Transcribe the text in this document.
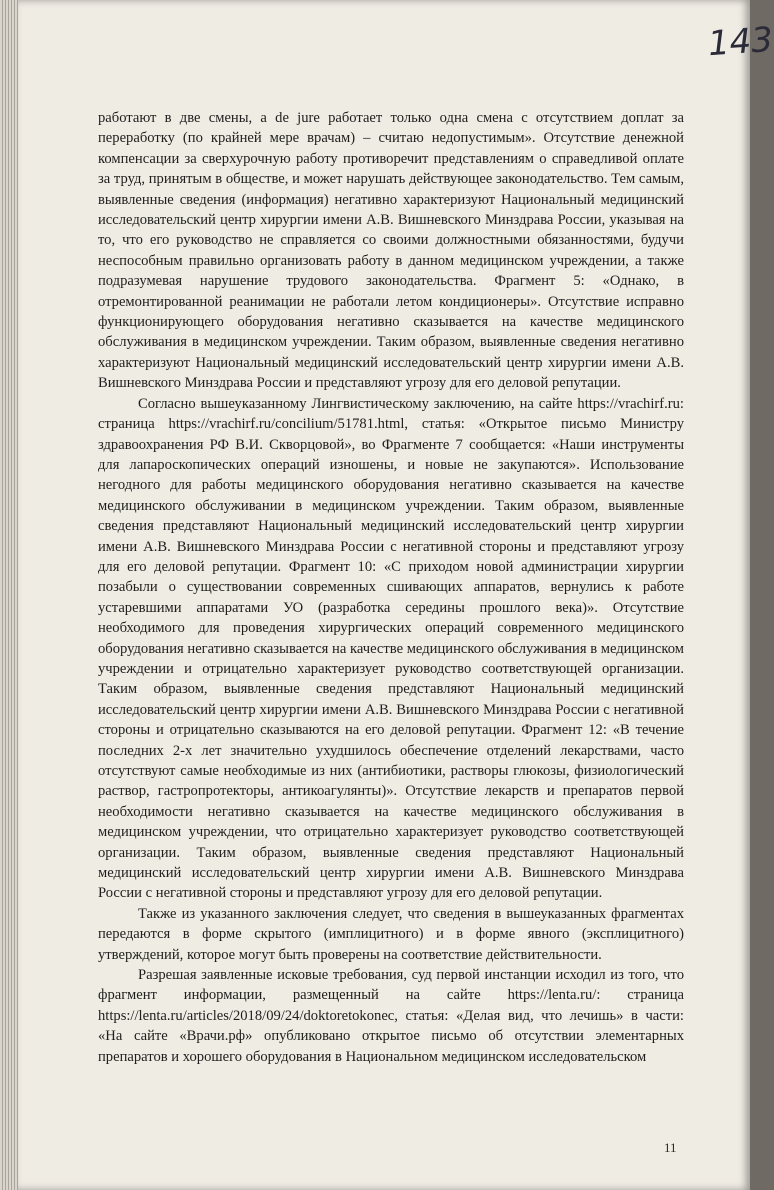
143

работают в две смены, а de jure работает только одна смена с отсутствием доплат за переработку (по крайней мере врачам) – считаю недопустимым». Отсутствие денежной компенсации за сверхурочную работу противоречит представлениям о справедливой оплате за труд, принятым в обществе, и может нарушать действующее законодательство. Тем самым, выявленные сведения (информация) негативно характеризуют Национальный медицинский исследовательский центр хирургии имени А.В. Вишневского Минздрава России, указывая на то, что его руководство не справляется со своими должностными обязанностями, будучи неспособным правильно организовать работу в данном медицинском учреждении, а также подразумевая нарушение трудового законодательства. Фрагмент 5: «Однако, в отремонтированной реанимации не работали летом кондиционеры». Отсутствие исправно функционирующего оборудования негативно сказывается на качестве медицинского обслуживания в медицинском учреждении. Таким образом, выявленные сведения негативно характеризуют Национальный медицинский исследовательский центр хирургии имени А.В. Вишневского Минздрава России и представляют угрозу для его деловой репутации.

Согласно вышеуказанному Лингвистическому заключению, на сайте https://vrachirf.ru: страница https://vrachirf.ru/concilium/51781.html, статья: «Открытое письмо Министру здравоохранения РФ В.И. Скворцовой», во Фрагменте 7 сообщается: «Наши инструменты для лапароскопических операций изношены, и новые не закупаются». Использование негодного для работы медицинского оборудования негативно сказывается на качестве медицинского обслуживании в медицинском учреждении. Таким образом, выявленные сведения представляют Национальный медицинский исследовательский центр хирургии имени А.В. Вишневского Минздрава России с негативной стороны и представляют угрозу для его деловой репутации. Фрагмент 10: «С приходом новой администрации хирургии позабыли о существовании современных сшивающих аппаратов, вернулись к работе устаревшими аппаратами УО (разработка середины прошлого века)». Отсутствие необходимого для проведения хирургических операций современного медицинского оборудования негативно сказывается на качестве медицинского обслуживания в медицинском учреждении и отрицательно характеризует руководство соответствующей организации. Таким образом, выявленные сведения представляют Национальный медицинский исследовательский центр хирургии имени А.В. Вишневского Минздрава России с негативной стороны и отрицательно сказываются на его деловой репутации. Фрагмент 12: «В течение последних 2-х лет значительно ухудшилось обеспечение отделений лекарствами, часто отсутствуют самые необходимые из них (антибиотики, растворы глюкозы, физиологический раствор, гастропротекторы, антикоагулянты)». Отсутствие лекарств и препаратов первой необходимости негативно сказывается на качестве медицинского обслуживания в медицинском учреждении, что отрицательно характеризует руководство соответствующей организации. Таким образом, выявленные сведения представляют Национальный медицинский исследовательский центр хирургии имени А.В. Вишневского Минздрава России с негативной стороны и представляют угрозу для его деловой репутации.

Также из указанного заключения следует, что сведения в вышеуказанных фрагментах передаются в форме скрытого (имплицитного) и в форме явного (эксплицитного) утверждений, которое могут быть проверены на соответствие действительности.

Разрешая заявленные исковые требования, суд первой инстанции исходил из того, что фрагмент информации, размещенный на сайте https://lenta.ru/: страница https://lenta.ru/articles/2018/09/24/doktoretokonec, статья: «Делая вид, что лечишь» в части: «На сайте «Врачи.рф» опубликовано открытое письмо об отсутствии элементарных препаратов и хорошего оборудования в Национальном медицинском исследовательском

11
